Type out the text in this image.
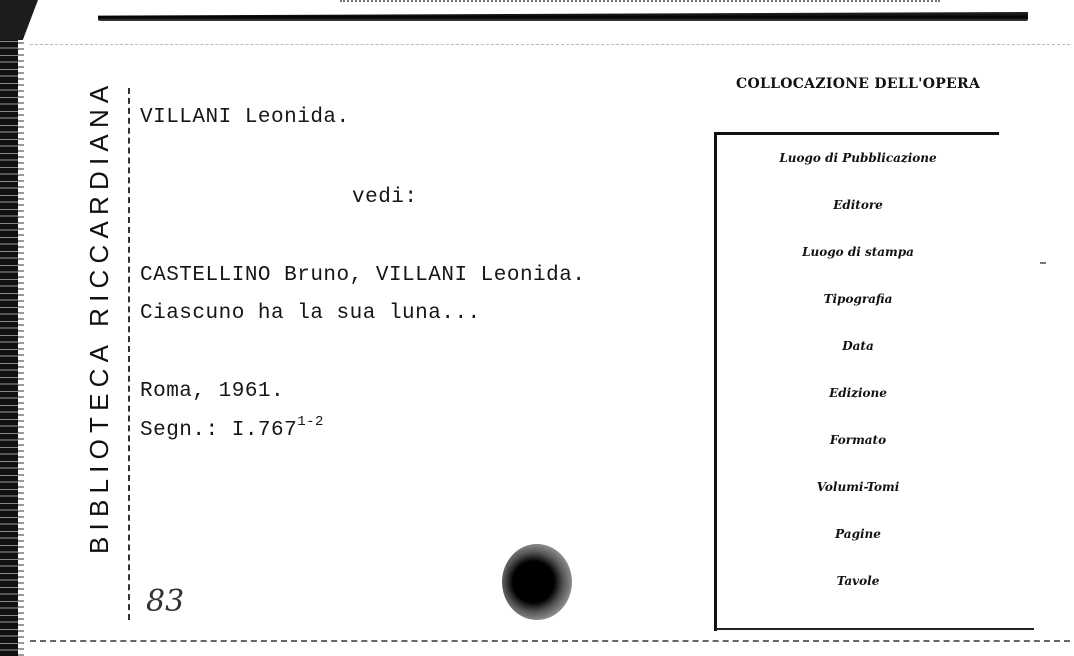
BIBLIOTECA RICCARDIANA VILLANI Leonida.
vedi:
CASTELLINO Bruno, VILLANI Leonida.
Ciascuno ha la sua luna...
Roma, 1961.
Segn.: I.767$^{1-2}$
83
COLLOCAZIONE DELL'OPERA
Luogo di Pubblicazione
Editore
Luogo di stampa
Tipografia
Data
Edizione
Formato
Volumi-Tomi
Pagine
Tavole
